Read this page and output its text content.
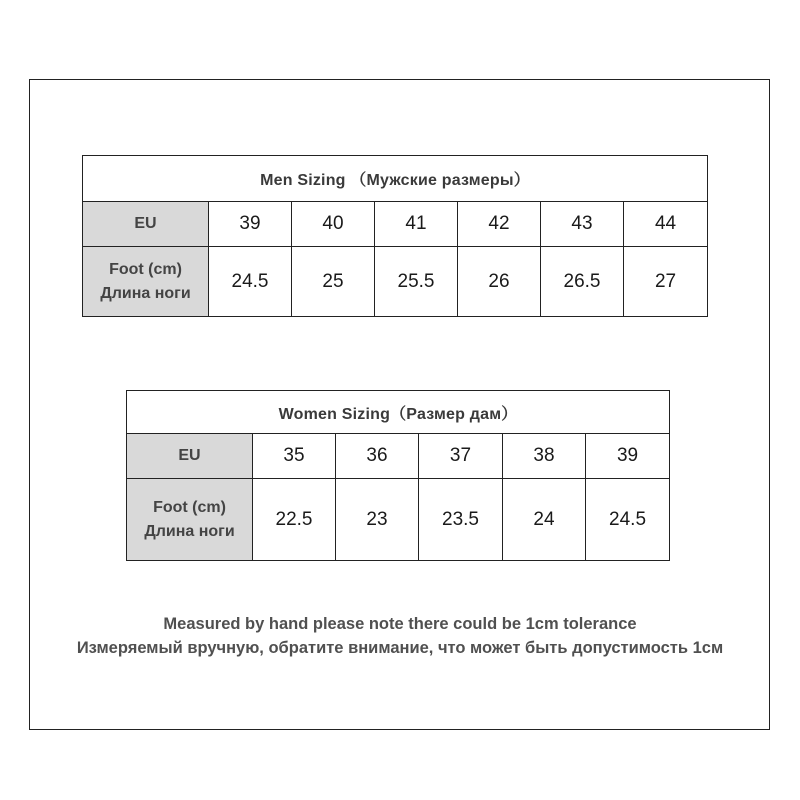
Men Sizing （Мужские размеры）						
EU	39	40	41	42	43	44

Foot (cm)
Длина ноги	24.5	25	25.5	26	26.5	27
Women Sizing（Размер дам）					
EU	35	36	37	38	39

Foot (cm)
Длина ноги	22.5	23	23.5	24	24.5
Measured by hand please note there could be 1cm tolerance
Измеряемый вручную, обратите внимание, что может быть допустимость 1см
